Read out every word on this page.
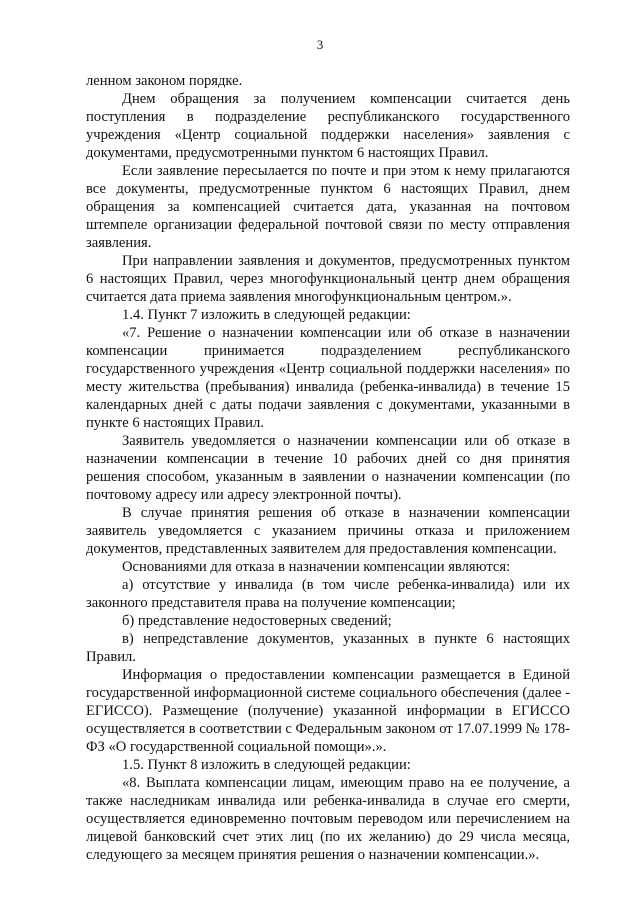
3

ленном законом порядке.

Днем обращения за получением компенсации считается день поступления в подразделение республиканского государственного учреждения «Центр социальной поддержки населения» заявления с документами, предусмотренными пунктом 6 настоящих Правил.

Если заявление пересылается по почте и при этом к нему прилагаются все документы, предусмотренные пунктом 6 настоящих Правил, днем обращения за компенсацией считается дата, указанная на почтовом штемпеле организации федеральной почтовой связи по месту отправления заявления.

При направлении заявления и документов, предусмотренных пунктом 6 настоящих Правил, через многофункциональный центр днем обращения считается дата приема заявления многофункциональным центром.».

1.4. Пункт 7 изложить в следующей редакции:

«7. Решение о назначении компенсации или об отказе в назначении компенсации принимается подразделением республиканского государственного учреждения «Центр социальной поддержки населения» по месту жительства (пребывания) инвалида (ребенка-инвалида) в течение 15 календарных дней с даты подачи заявления с документами, указанными в пункте 6 настоящих Правил.

Заявитель уведомляется о назначении компенсации или об отказе в назначении компенсации в течение 10 рабочих дней со дня принятия решения способом, указанным в заявлении о назначении компенсации (по почтовому адресу или адресу электронной почты).

В случае принятия решения об отказе в назначении компенсации заявитель уведомляется с указанием причины отказа и приложением документов, представленных заявителем для предоставления компенсации.

Основаниями для отказа в назначении компенсации являются:

а) отсутствие у инвалида (в том числе ребенка-инвалида) или их законного представителя права на получение компенсации;

б) представление недостоверных сведений;

в) непредставление документов, указанных в пункте 6 настоящих Правил.

Информация о предоставлении компенсации размещается в Единой государственной информационной системе социального обеспечения (далее - ЕГИССО). Размещение (получение) указанной информации в ЕГИССО осуществляется в соответствии с Федеральным законом от 17.07.1999 № 178-ФЗ «О государственной социальной помощи».».

1.5. Пункт 8 изложить в следующей редакции:

«8. Выплата компенсации лицам, имеющим право на ее получение, а также наследникам инвалида или ребенка-инвалида в случае его смерти, осуществляется единовременно почтовым переводом или перечислением на лицевой банковский счет этих лиц (по их желанию) до 29 числа месяца, следующего за месяцем принятия решения о назначении компенсации.».
